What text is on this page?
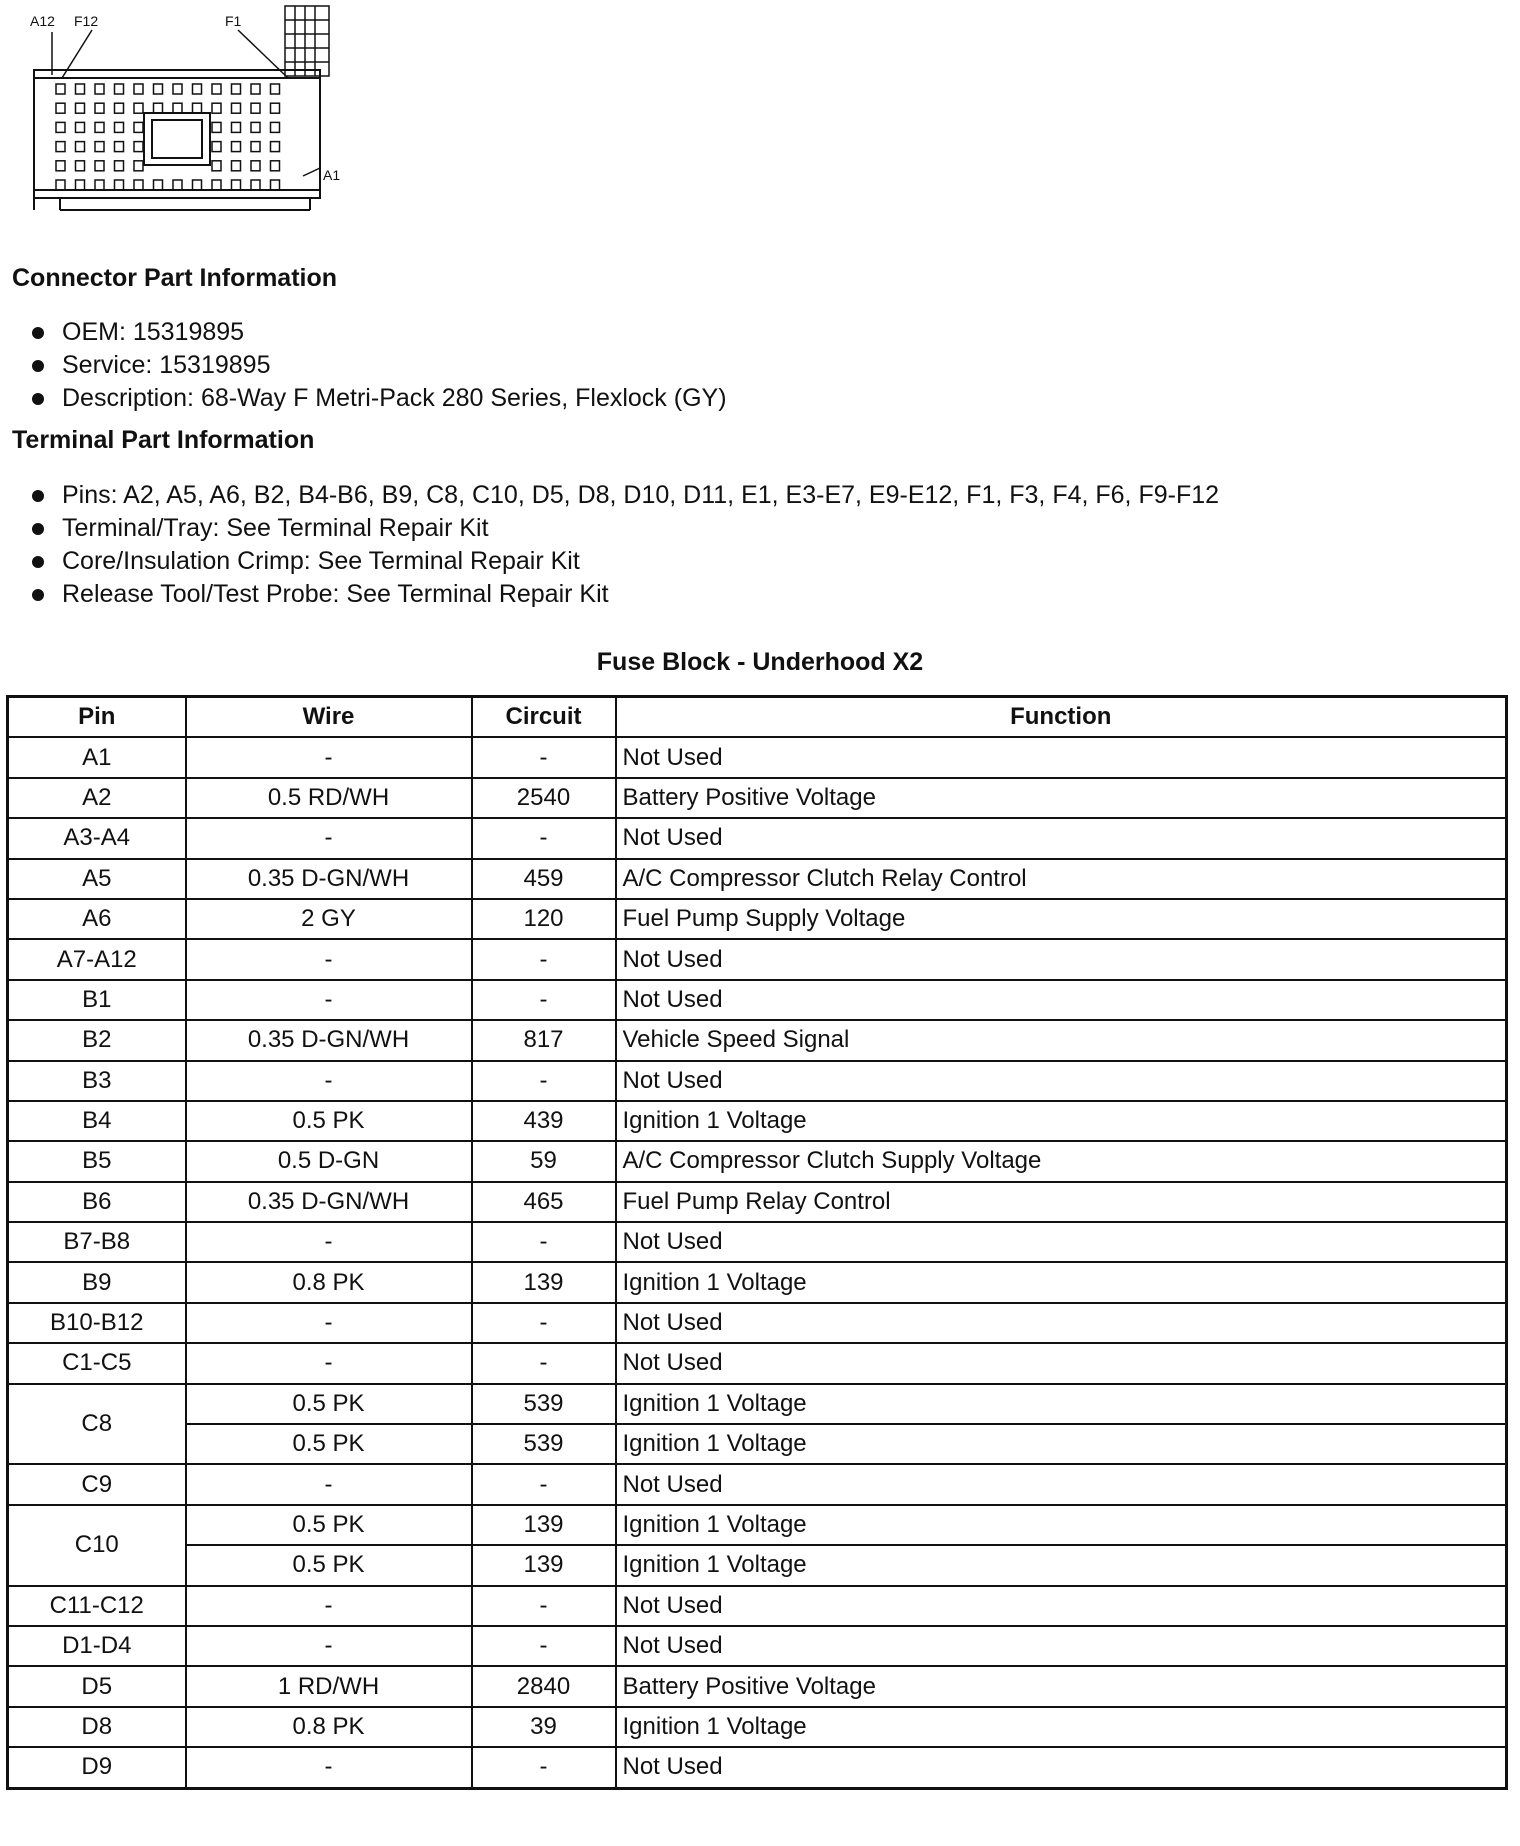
A12 F12	F1
A1
Connector Part Information
OEM: 15319895
Service: 15319895
Description: 68-Way F Metri-Pack 280 Series, Flexlock (GY)
Terminal Part Information
Pins: A2, A5, A6, B2, B4-B6, B9, C8, C10, D5, D8, D10, D11, E1, E3-E7, E9-E12, F1, F3, F4, F6, F9-F12
Terminal/Tray: See Terminal Repair Kit
Core/Insulation Crimp: See Terminal Repair Kit
Release Tool/Test Probe: See Terminal Repair Kit
Fuse Block - Underhood X2
Pin	Wire	Circuit	Function
A1	-	-	Not Used
A2	0.5 RD/WH	2540	Battery Positive Voltage
A3-A4	-	-	Not Used
A5	0.35 D-GN/WH	459	A/C Compressor Clutch Relay Control
A6	2 GY	120	Fuel Pump Supply Voltage
A7-A12	-	-	Not Used
B1	-	-	Not Used
B2	0.35 D-GN/WH	817	Vehicle Speed Signal
B3	-	-	Not Used
B4	0.5 PK	439	Ignition 1 Voltage
B5	0.5 D-GN	59	A/C Compressor Clutch Supply Voltage
B6	0.35 D-GN/WH	465	Fuel Pump Relay Control
B7-B8	-	-	Not Used
B9	0.8 PK	139	Ignition 1 Voltage
B10-B12	-	-	Not Used
C1-C5	-	-	Not Used
C8	0.5 PK	539	Ignition 1 Voltage
	0.5 PK	539	Ignition 1 Voltage
C9	-	-	Not Used
C10	0.5 PK	139	Ignition 1 Voltage
	0.5 PK	139	Ignition 1 Voltage
C11-C12	-	-	Not Used
D1-D4	-	-	Not Used
D5	1 RD/WH	2840	Battery Positive Voltage
D8	0.8 PK	39	Ignition 1 Voltage
D9	-	-	Not Used
